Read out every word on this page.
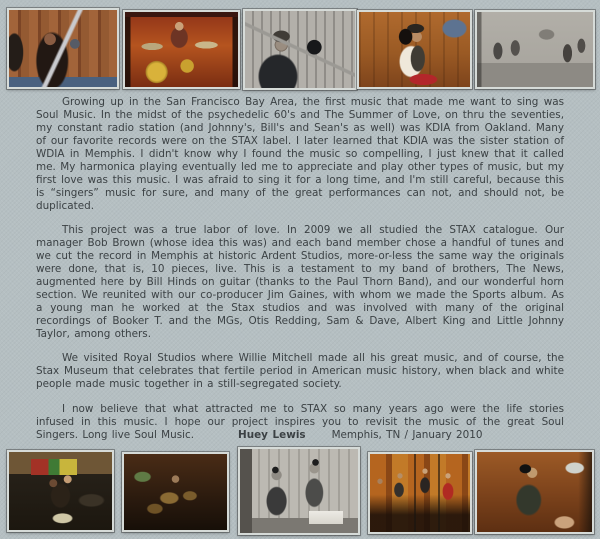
Growing up in the San Francisco Bay Area, the first music that made me want to sing was Soul Music. In the midst of the psychedelic 60's and The Summer of Love, on thru the seventies, my constant radio station (and Johnny's, Bill's and Sean's as well) was KDIA from Oakland. Many of our favorite records were on the STAX label. I later learned that KDIA was the sister station of WDIA in Memphis. I didn't know why I found the music so compelling, I just knew that it called me. My harmonica playing eventually led me to appreciate and play other types of music, but my first love was this music. I was afraid to sing it for a long time, and I'm still careful, because this is “singers” music for sure, and many of the great performances can not, and should not, be duplicated.

This project was a true labor of love. In 2009 we all studied the STAX catalogue. Our manager Bob Brown (whose idea this was) and each band member chose a handful of tunes and we cut the record in Memphis at historic Ardent Studios, more-or-less the same way the originals were done, that is, 10 pieces, live. This is a testament to my band of brothers, The News, augmented here by Bill Hinds on guitar (thanks to the Paul Thorn Band), and our wonderful horn section. We reunited with our co-producer Jim Gaines, with whom we made the Sports album. As a young man he worked at the Stax studios and was involved with many of the original recordings of Booker T. and the MGs, Otis Redding, Sam & Dave, Albert King and Little Johnny Taylor, among others.

We visited Royal Studios where Willie Mitchell made all his great music, and of course, the Stax Museum that celebrates that fertile period in American music history, when black and white people made music together in a still-segregated society.

I now believe that what attracted me to STAX so many years ago were the life stories infused in this music. I hope our project inspires you to revisit the music of the great Soul Singers. Long live Soul Music.	Huey Lewis	Memphis, TN / January 2010
